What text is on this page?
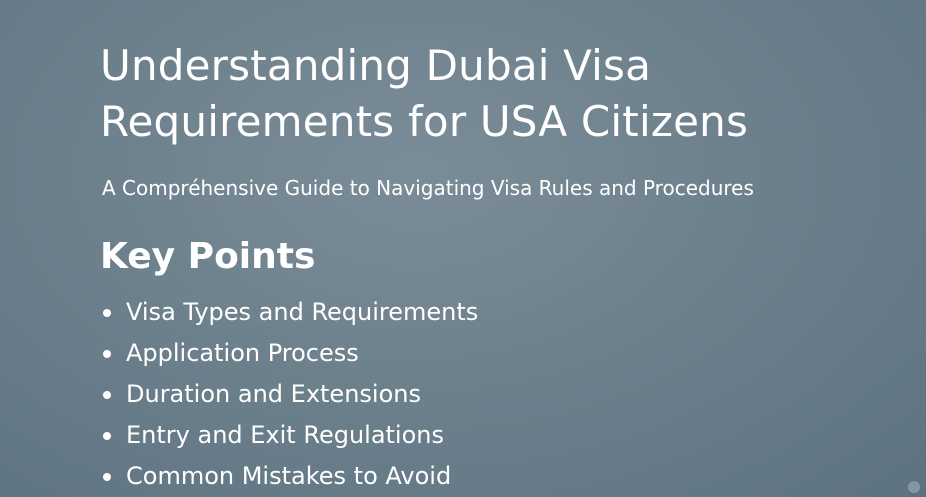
Understanding Dubai Visa Requirements for USA Citizens

A Compréhensive Guide to Navigating Visa Rules and Procedures

Key Points
Visa Types and Requirements
Application Process
Duration and Extensions
Entry and Exit Regulations
Common Mistakes to Avoid
